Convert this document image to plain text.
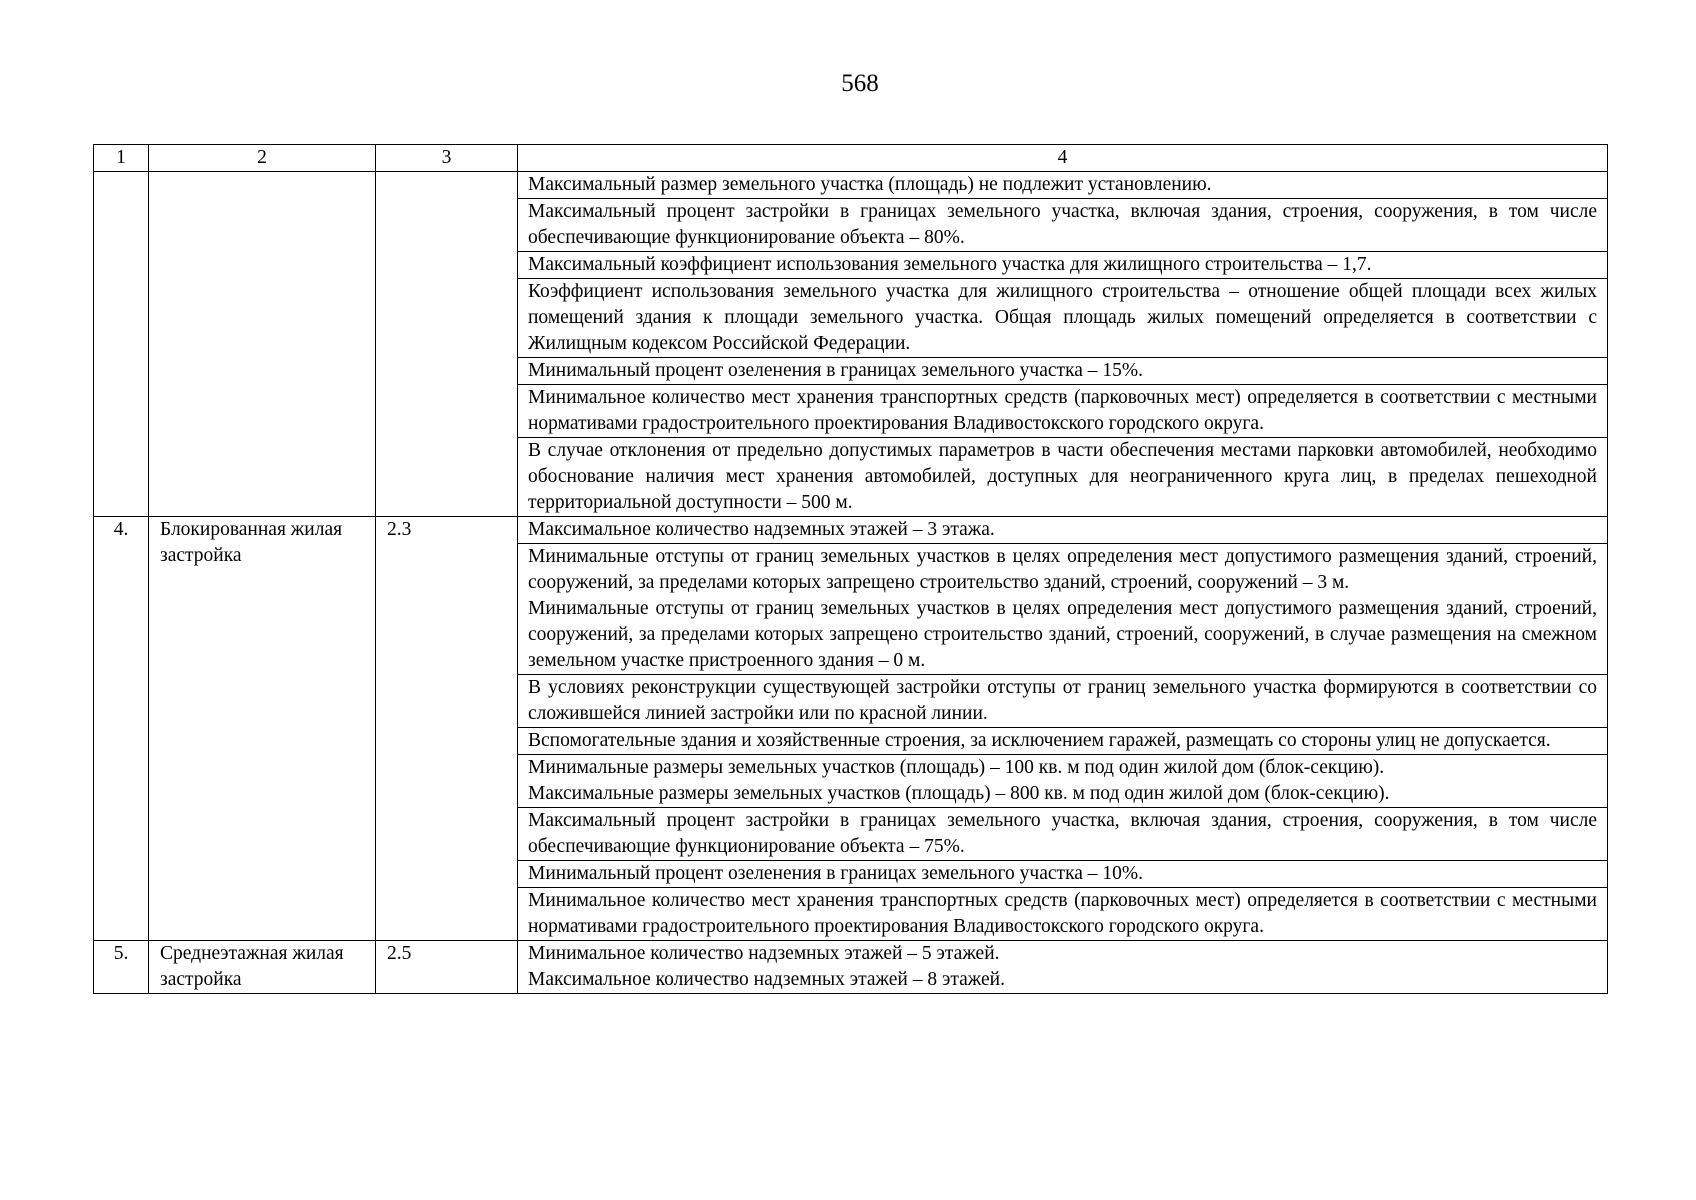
568
1	2	3	4
			Максимальный размер земельного участка (площадь) не подлежит установлению.
			Максимальный процент застройки в границах земельного участка, включая здания, строения, сооружения, в том числе обеспечивающие функционирование объекта – 80%.
			Максимальный коэффициент использования земельного участка для жилищного строительства – 1,7.
			Коэффициент использования земельного участка для жилищного строительства – отношение общей площади всех жилых помещений здания к площади земельного участка. Общая площадь жилых помещений определяется в соответствии с Жилищным кодексом Российской Федерации.
			Минимальный процент озеленения в границах земельного участка – 15%.
			Минимальное количество мест хранения транспортных средств (парковочных мест) определяется в соответствии с местными нормативами градостроительного проектирования Владивостокского городского округа.
			В случае отклонения от предельно допустимых параметров в части обеспечения местами парковки автомобилей, необходимо обоснование наличия мест хранения автомобилей, доступных для неограниченного круга лиц, в пределах пешеходной территориальной доступности – 500 м.
4.	Блокированная жилая застройка	2.3	Максимальное количество надземных этажей – 3 этажа.

			Минимальные отступы от границ земельных участков в целях определения мест допустимого размещения зданий, строений, сооружений, за пределами которых запрещено строительство зданий, строений, сооружений – 3 м.

Минимальные отступы от границ земельных участков в целях определения мест допустимого размещения зданий, строений, сооружений, за пределами которых запрещено строительство зданий, строений, сооружений, в случае размещения на смежном земельном участке пристроенного здания – 0 м.

			В условиях реконструкции существующей застройки отступы от границ земельного участка формируются в соответствии со сложившейся линией застройки или по красной линии.

			Вспомогательные здания и хозяйственные строения, за исключением гаражей, размещать со стороны улиц не допускается.

			Минимальные размеры земельных участков (площадь) – 100 кв. м под один жилой дом (блок-секцию).

Максимальные размеры земельных участков (площадь) – 800 кв. м под один жилой дом (блок-секцию).

			Максимальный процент застройки в границах земельного участка, включая здания, строения, сооружения, в том числе обеспечивающие функционирование объекта – 75%.

			Минимальный процент озеленения в границах земельного участка – 10%.

			Минимальное количество мест хранения транспортных средств (парковочных мест) определяется в соответствии с местными нормативами градостроительного проектирования Владивостокского городского округа.

5.	Среднеэтажная жилая застройка	2.5	Минимальное количество надземных этажей – 5 этажей.

Максимальное количество надземных этажей – 8 этажей.
